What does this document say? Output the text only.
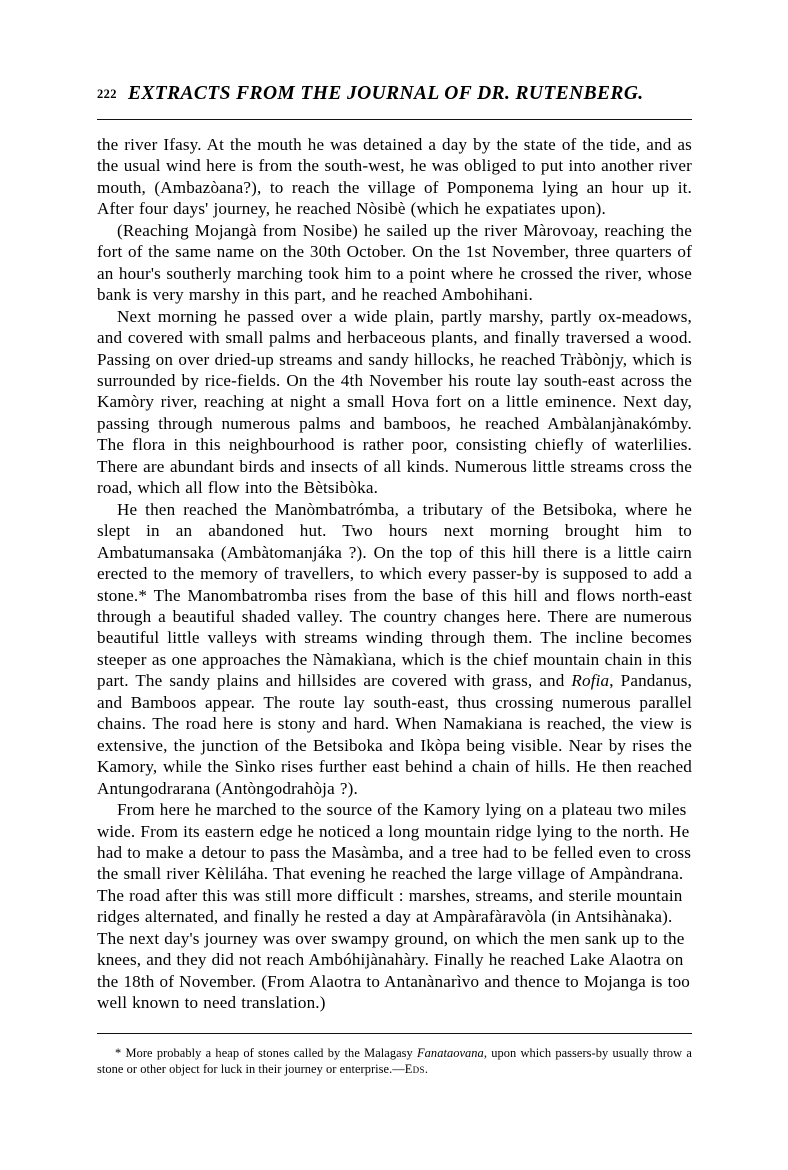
222 EXTRACTS FROM THE JOURNAL OF DR. RUTENBERG.

the river Ifasy. At the mouth he was detained a day by the state of the tide, and as the usual wind here is from the south-west, he was obliged to put into another river mouth, (Ambazòana?), to reach the village of Pomponema lying an hour up it. After four days' journey, he reached Nòsibè (which he expatiates upon).

(Reaching Mojangà from Nosibe) he sailed up the river Màrovoay, reaching the fort of the same name on the 30th October. On the 1st November, three quarters of an hour's southerly marching took him to a point where he crossed the river, whose bank is very marshy in this part, and he reached Ambohihani.

Next morning he passed over a wide plain, partly marshy, partly ox-meadows, and covered with small palms and herbaceous plants, and finally traversed a wood. Passing on over dried-up streams and sandy hillocks, he reached Tràbònjy, which is surrounded by rice-fields. On the 4th November his route lay south-east across the Kamòry river, reaching at night a small Hova fort on a little eminence. Next day, passing through numerous palms and bamboos, he reached Ambàlanjànakómby. The flora in this neighbourhood is rather poor, consisting chiefly of waterlilies. There are abundant birds and insects of all kinds. Numerous little streams cross the road, which all flow into the Bètsibòka.

He then reached the Manòmbatrómba, a tributary of the Betsiboka, where he slept in an abandoned hut. Two hours next morning brought him to Ambatumansaka (Ambàtomanjáka ?). On the top of this hill there is a little cairn erected to the memory of travellers, to which every passer-by is supposed to add a stone.* The Manombatromba rises from the base of this hill and flows north-east through a beautiful shaded valley. The country changes here. There are numerous beautiful little valleys with streams winding through them. The incline becomes steeper as one approaches the Nàmakìana, which is the chief mountain chain in this part. The sandy plains and hillsides are covered with grass, and Rofia, Pandanus, and Bamboos appear. The route lay south-east, thus crossing numerous parallel chains. The road here is stony and hard. When Namakiana is reached, the view is extensive, the junction of the Betsiboka and Ikòpa being visible. Near by rises the Kamory, while the Sìnko rises further east behind a chain of hills. He then reached Antungodrarana (Antòngodrahòja ?).

From here he marched to the source of the Kamory lying on a plateau two miles wide. From its eastern edge he noticed a long mountain ridge lying to the north. He had to make a detour to pass the Masàmba, and a tree had to be felled even to cross the small river Kèliláha. That evening he reached the large village of Ampàndrana. The road after this was still more difficult : marshes, streams, and sterile mountain ridges alternated, and finally he rested a day at Ampàrafàravòla (in Antsihànaka). The next day's journey was over swampy ground, on which the men sank up to the knees, and they did not reach Ambóhijànahàry. Finally he reached Lake Alaotra on the 18th of November. (From Alaotra to Antanànarìvo and thence to Mojanga is too well known to need translation.)

* More probably a heap of stones called by the Malagasy Fanataovana, upon which passers-by usually throw a stone or other object for luck in their journey or enterprise.—Eds.
